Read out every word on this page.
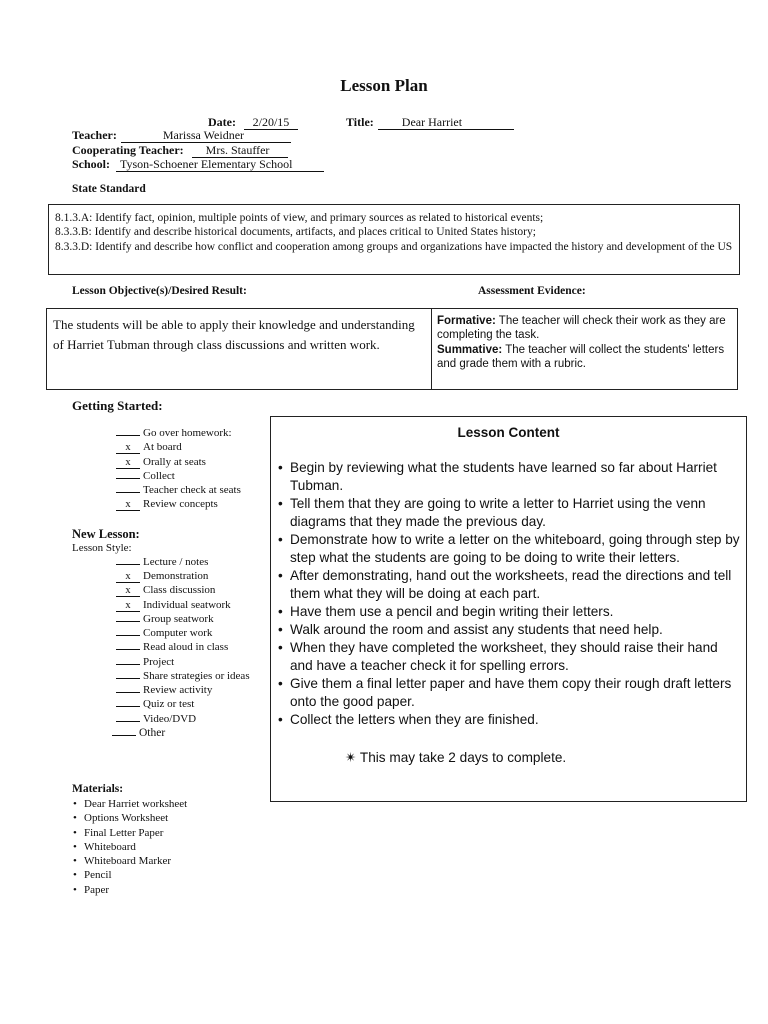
Lesson Plan
Date: 2/20/15	Title: Dear Harriet
Teacher:	Marissa Weidner
Cooperating Teacher: Mrs. Stauffer
School: Tyson-Schoener Elementary School
State Standard
8.1.3.A: Identify fact, opinion, multiple points of view, and primary sources as related to historical events;
8.3.3.B: Identify and describe historical documents, artifacts, and places critical to United States history;
8.3.3.D: Identify and describe how conflict and cooperation among groups and organizations have impacted the history and development of the US
Lesson Objective(s)/Desired Result:	Assessment Evidence:
The students will be able to apply their knowledge and understanding of Harriet Tubman through class discussions and written work.
Formative: The teacher will check their work as they are completing the task.
Summative: The teacher will collect the students' letters and grade them with a rubric.
Getting Started:
Go over homework:
x At board
x Orally at seats
Collect
Teacher check at seats
x Review concepts
New Lesson:
Lesson Style:
Lecture / notes
x Demonstration
x Class discussion
x Individual seatwork
Group seatwork
Computer work
Read aloud in class
Project
Share strategies or ideas
Review activity
Quiz or test
Video/DVD
Other
Materials:
• Dear Harriet worksheet
• Options Worksheet
• Final Letter Paper
• Whiteboard
• Whiteboard Marker
• Pencil
• Paper
Lesson Content
• Begin by reviewing what the students have learned so far about Harriet Tubman.
• Tell them that they are going to write a letter to Harriet using the venn diagrams that they made the previous day.
• Demonstrate how to write a letter on the whiteboard, going through step by step what the students are going to be doing to write their letters.
• After demonstrating, hand out the worksheets, read the directions and tell them what they will be doing at each part.
• Have them use a pencil and begin writing their letters.
• Walk around the room and assist any students that need help.
• When they have completed the worksheet, they should raise their hand and have a teacher check it for spelling errors.
• Give them a final letter paper and have them copy their rough draft letters onto the good paper.
• Collect the letters when they are finished.
✴ This may take 2 days to complete.
